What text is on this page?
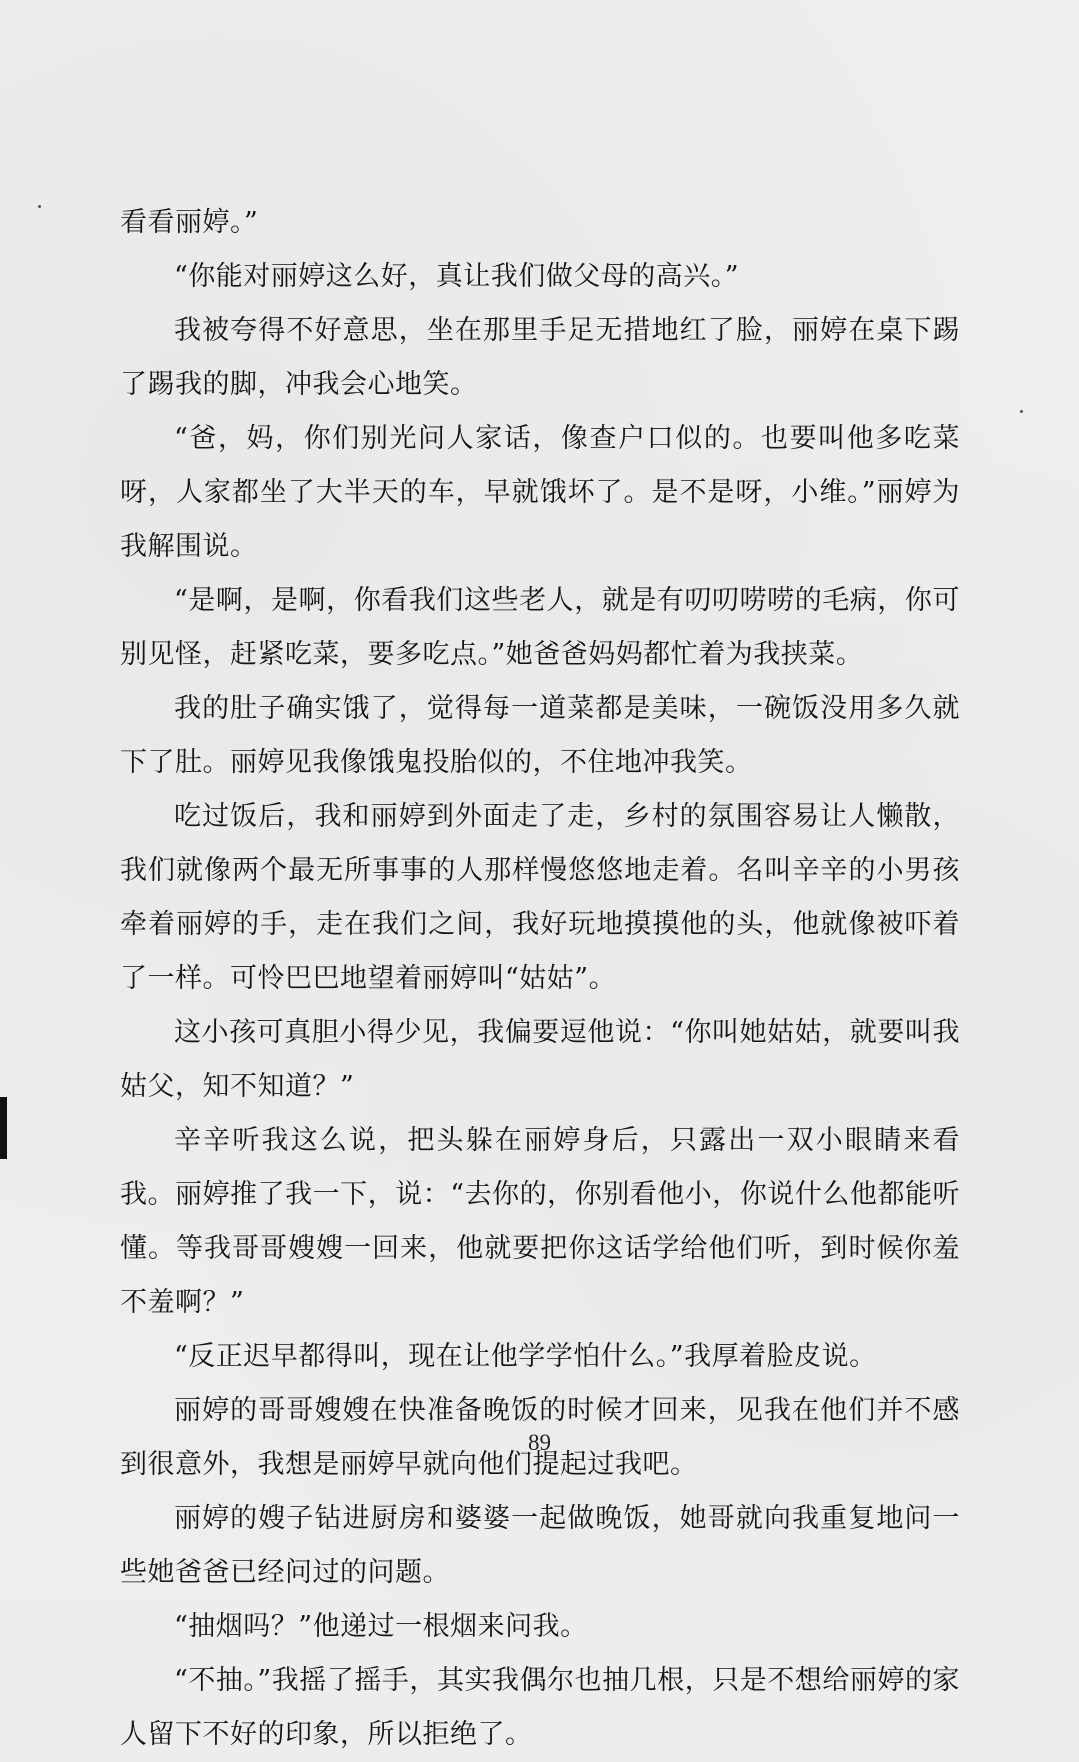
看看丽婷。”

“你能对丽婷这么好，真让我们做父母的高兴。”

我被夸得不好意思，坐在那里手足无措地红了脸，丽婷在桌下踢了踢我的脚，冲我会心地笑。

“爸，妈，你们别光问人家话，像查户口似的。也要叫他多吃菜呀，人家都坐了大半天的车，早就饿坏了。是不是呀，小维。”丽婷为我解围说。

“是啊，是啊，你看我们这些老人，就是有叨叨唠唠的毛病，你可别见怪，赶紧吃菜，要多吃点。”她爸爸妈妈都忙着为我挟菜。

我的肚子确实饿了，觉得每一道菜都是美味，一碗饭没用多久就下了肚。丽婷见我像饿鬼投胎似的，不住地冲我笑。

吃过饭后，我和丽婷到外面走了走，乡村的氛围容易让人懒散，我们就像两个最无所事事的人那样慢悠悠地走着。名叫辛辛的小男孩牵着丽婷的手，走在我们之间，我好玩地摸摸他的头，他就像被吓着了一样。可怜巴巴地望着丽婷叫“姑姑”。

这小孩可真胆小得少见，我偏要逗他说：“你叫她姑姑，就要叫我姑父，知不知道？”

辛辛听我这么说，把头躲在丽婷身后，只露出一双小眼睛来看我。丽婷推了我一下，说：“去你的，你别看他小，你说什么他都能听懂。等我哥哥嫂嫂一回来，他就要把你这话学给他们听，到时候你羞不羞啊？”

“反正迟早都得叫，现在让他学学怕什么。”我厚着脸皮说。

丽婷的哥哥嫂嫂在快准备晚饭的时候才回来，见我在他们并不感到很意外，我想是丽婷早就向他们提起过我吧。

丽婷的嫂子钻进厨房和婆婆一起做晚饭，她哥就向我重复地问一些她爸爸已经问过的问题。

“抽烟吗？”他递过一根烟来问我。

“不抽。”我摇了摇手，其实我偶尔也抽几根，只是不想给丽婷的家人留下不好的印象，所以拒绝了。

89
